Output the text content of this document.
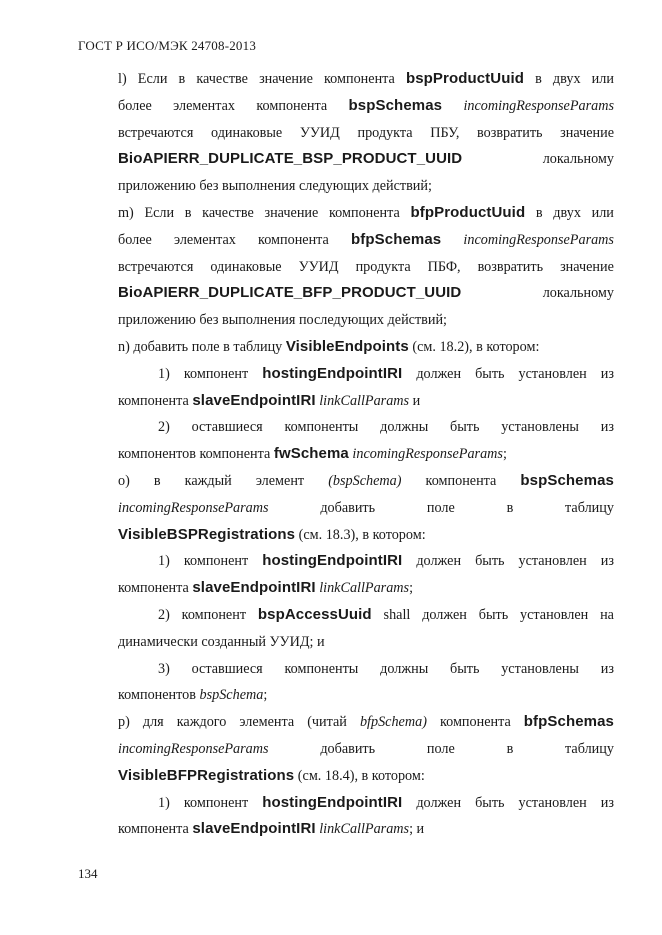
ГОСТ Р ИСО/МЭК 24708-2013
l) Если в качестве значение компонента bspProductUuid в двух или
более элементах компонента bspSchemas incomingResponseParams
встречаются одинаковые УУИД продукта ПБУ, возвратить значение
BioAPIERR_DUPLICATE_BSP_PRODUCT_UUID	локальному
приложению без выполнения следующих действий;
m) Если в качестве значение компонента bfpProductUuid в двух или
более элементах компонента bfpSchemas incomingResponseParams
встречаются одинаковые УУИД продукта ПБФ, возвратить значение
BioAPIERR_DUPLICATE_BFP_PRODUCT_UUID	локальному
приложению без выполнения последующих действий;
n) добавить поле в таблицу VisibleEndpoints (см. 18.2), в котором:
1) компонент hostingEndpointIRI должен быть установлен из
компонента slaveEndpointIRI linkCallParams и
2) оставшиеся компоненты должны быть установлены из
компонентов компонента fwSchema incomingResponseParams;
o) в каждый элемент (bspSchema) компонента bspSchemas
incomingResponseParams	добавить	поле	в	таблицу
VisibleBSPRegistrations (см. 18.3), в котором:
1) компонент hostingEndpointIRI должен быть установлен из
компонента slaveEndpointIRI linkCallParams;
2) компонент bspAccessUuid shall должен быть установлен на
динамически созданный УУИД; и
3) оставшиеся компоненты должны быть установлены из
компонентов bspSchema;
p) для каждого элемента (читай bfpSchema) компонента bfpSchemas
incomingResponseParams	добавить	поле	в	таблицу
VisibleBFPRegistrations (см. 18.4), в котором:
1) компонент hostingEndpointIRI должен быть установлен из
компонента slaveEndpointIRI linkCallParams; и
134
